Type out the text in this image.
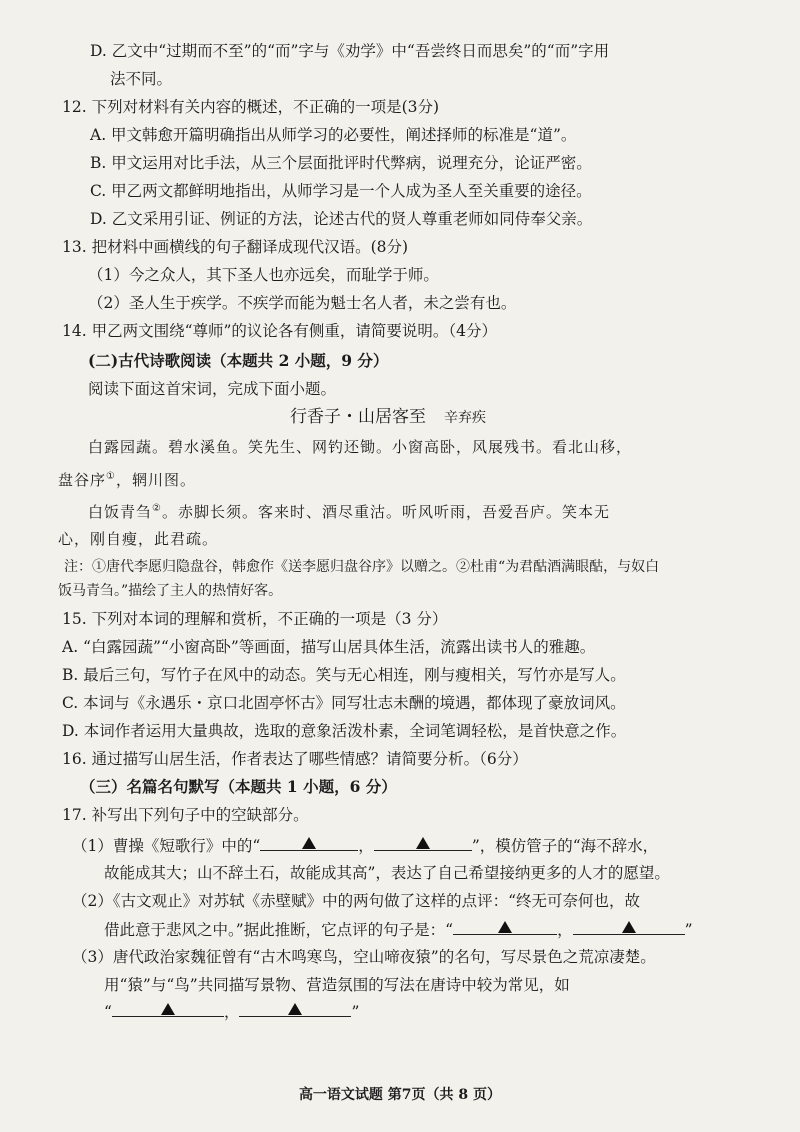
D. 乙文中“过期而不至”的“而”字与《劝学》中“吾尝终日而思矣”的“而”字用
法不同。
12. 下列对材料有关内容的概述，不正确的一项是(3分)
A. 甲文韩愈开篇明确指出从师学习的必要性，阐述择师的标准是“道”。
B. 甲文运用对比手法，从三个层面批评时代弊病，说理充分，论证严密。
C. 甲乙两文都鲜明地指出，从师学习是一个人成为圣人至关重要的途径。
D. 乙文采用引证、例证的方法，论述古代的贤人尊重老师如同侍奉父亲。
13. 把材料中画横线的句子翻译成现代汉语。(8分)
（1）今之众人，其下圣人也亦远矣，而耻学于师。
（2）圣人生于疾学。不疾学而能为魁士名人者，未之尝有也。
14. 甲乙两文围绕“尊师”的议论各有侧重，请简要说明。（4分）
(二)古代诗歌阅读（本题共 2 小题，9 分）
阅读下面这首宋词，完成下面小题。
行香子・山居客至 辛弃疾
白露园蔬。碧水溪鱼。笑先生、网钓还锄。小窗高卧，风展残书。看北山移，
盘谷序①，辋川图。
白饭青刍②。赤脚长须。客来时、酒尽重沽。听风听雨，吾爱吾庐。笑本无
心，刚自瘦，此君疏。
注：①唐代李愿归隐盘谷，韩愈作《送李愿归盘谷序》以赠之。②杜甫“为君酤酒满眼酤，与奴白
饭马青刍。”描绘了主人的热情好客。
15. 下列对本词的理解和赏析，不正确的一项是（3 分）
A. “白露园蔬”“小窗高卧”等画面，描写山居具体生活，流露出读书人的雅趣。
B. 最后三句，写竹子在风中的动态。笑与无心相连，刚与瘦相关，写竹亦是写人。
C. 本词与《永遇乐・京口北固亭怀古》同写壮志未酬的境遇，都体现了豪放词风。
D. 本词作者运用大量典故，选取的意象活泼朴素，全词笔调轻松，是首快意之作。
16. 通过描写山居生活，作者表达了哪些情感？请简要分析。（6分）
（三）名篇名句默写（本题共 1 小题，6 分）
17. 补写出下列句子中的空缺部分。
（1）曹操《短歌行》中的“	，	”，模仿管子的“海不辞水，
故能成其大；山不辞土石，故能成其高”，表达了自己希望接纳更多的人才的愿望。
（2）《古文观止》对苏轼《赤壁赋》中的两句做了这样的点评：“终无可奈何也，故
借此意于悲风之中。”据此推断，它点评的句子是：“	，	”
（3）唐代政治家魏征曾有“古木鸣寒鸟，空山啼夜猿”的名句，写尽景色之荒凉凄楚。
用“猿”与“鸟”共同描写景物、营造氛围的写法在唐诗中较为常见，如
“	，	”
高一语文试题 第7页（共 8 页）
